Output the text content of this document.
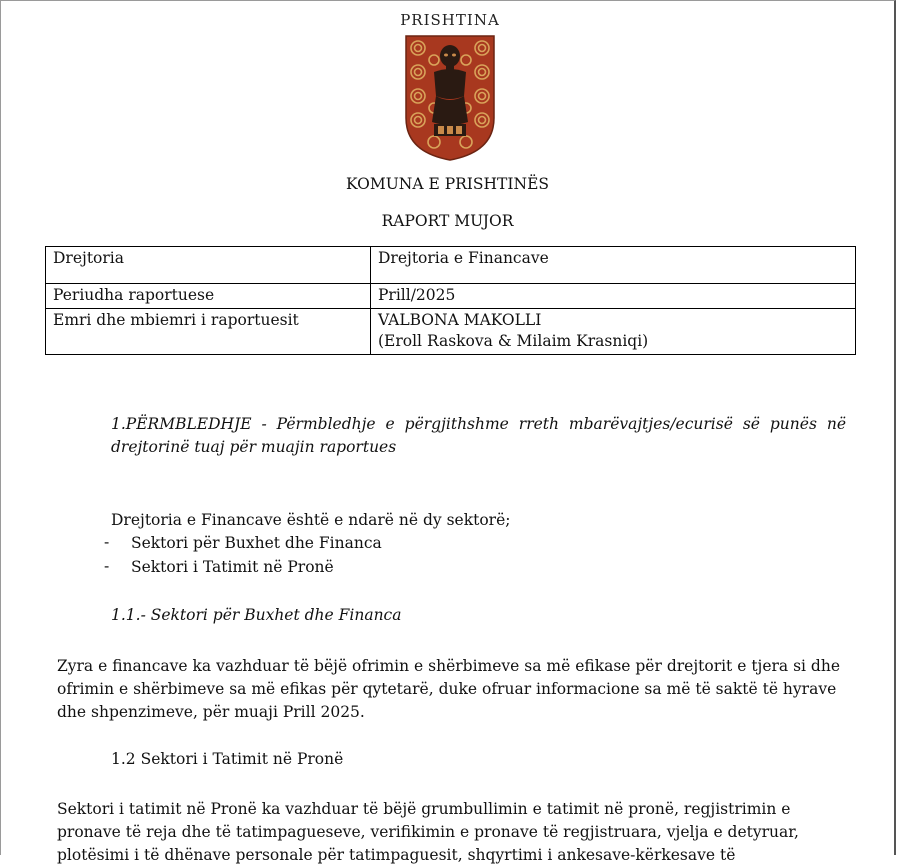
PRISHTINA
KOMUNA E PRISHTINËS
RAPORT MUJOR
Drejtoria	Drejtoria e Financave
Periudha raportuese	Prill/2025
Emri dhe mbiemri i raportuesit	VALBONA MAKOLLI
(Eroll Raskova & Milaim Krasniqi)
1.PËRMBLEDHJE - Përmbledhje e përgjithshme rreth mbarëvajtjes/ecurisë së punës në drejtorinë tuaj për muajin raportues
Drejtoria e Financave është e ndarë në dy sektorë;
- Sektori për Buxhet dhe Financa
- Sektori i Tatimit në Pronë
1.1.- Sektori për Buxhet dhe Financa
Zyra e financave ka vazhduar të bëjë ofrimin e shërbimeve sa më efikase për drejtorit e tjera si dhe
ofrimin e shërbimeve sa më efikas për qytetarë, duke ofruar informacione sa më të saktë të hyrave
dhe shpenzimeve, për muaji Prill 2025.
1.2 Sektori i Tatimit në Pronë
Sektori i tatimit në Pronë ka vazhduar të bëjë grumbullimin e tatimit në pronë, regjistrimin e
pronave të reja dhe të tatimpagueseve, verifikimin e pronave të regjistruara, vjelja e detyruar,
plotësimi i të dhënave personale për tatimpaguesit, shqyrtimi i ankesave-kërkesave të
